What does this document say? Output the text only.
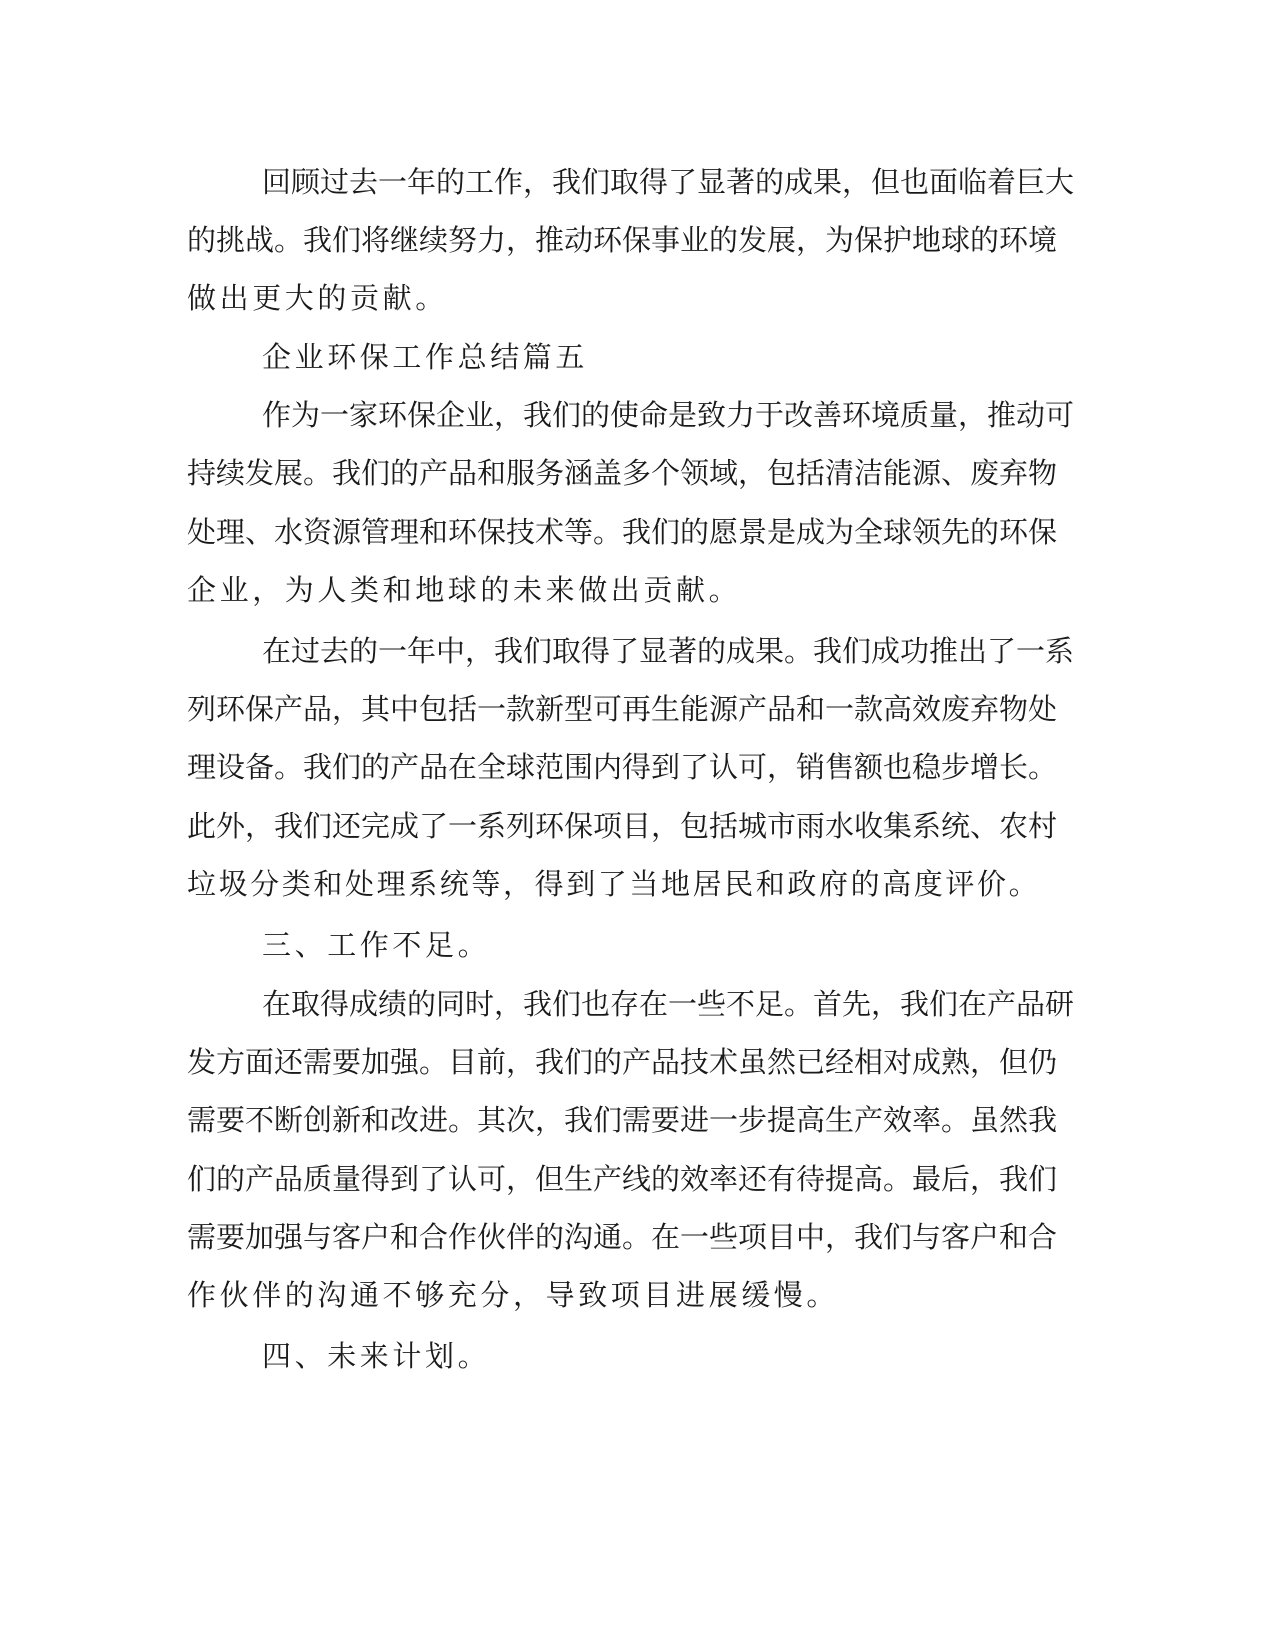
回顾过去一年的工作，我们取得了显著的成果，但也面临着巨大
的挑战。我们将继续努力，推动环保事业的发展，为保护地球的环境
做出更大的贡献。
企业环保工作总结篇五
作为一家环保企业，我们的使命是致力于改善环境质量，推动可
持续发展。我们的产品和服务涵盖多个领域，包括清洁能源、废弃物
处理、水资源管理和环保技术等。我们的愿景是成为全球领先的环保
企业，为人类和地球的未来做出贡献。
在过去的一年中，我们取得了显著的成果。我们成功推出了一系
列环保产品，其中包括一款新型可再生能源产品和一款高效废弃物处
理设备。我们的产品在全球范围内得到了认可，销售额也稳步增长。
此外，我们还完成了一系列环保项目，包括城市雨水收集系统、农村
垃圾分类和处理系统等，得到了当地居民和政府的高度评价。
三、工作不足。
在取得成绩的同时，我们也存在一些不足。首先，我们在产品研
发方面还需要加强。目前，我们的产品技术虽然已经相对成熟，但仍
需要不断创新和改进。其次，我们需要进一步提高生产效率。虽然我
们的产品质量得到了认可，但生产线的效率还有待提高。最后，我们
需要加强与客户和合作伙伴的沟通。在一些项目中，我们与客户和合
作伙伴的沟通不够充分，导致项目进展缓慢。
四、未来计划。
